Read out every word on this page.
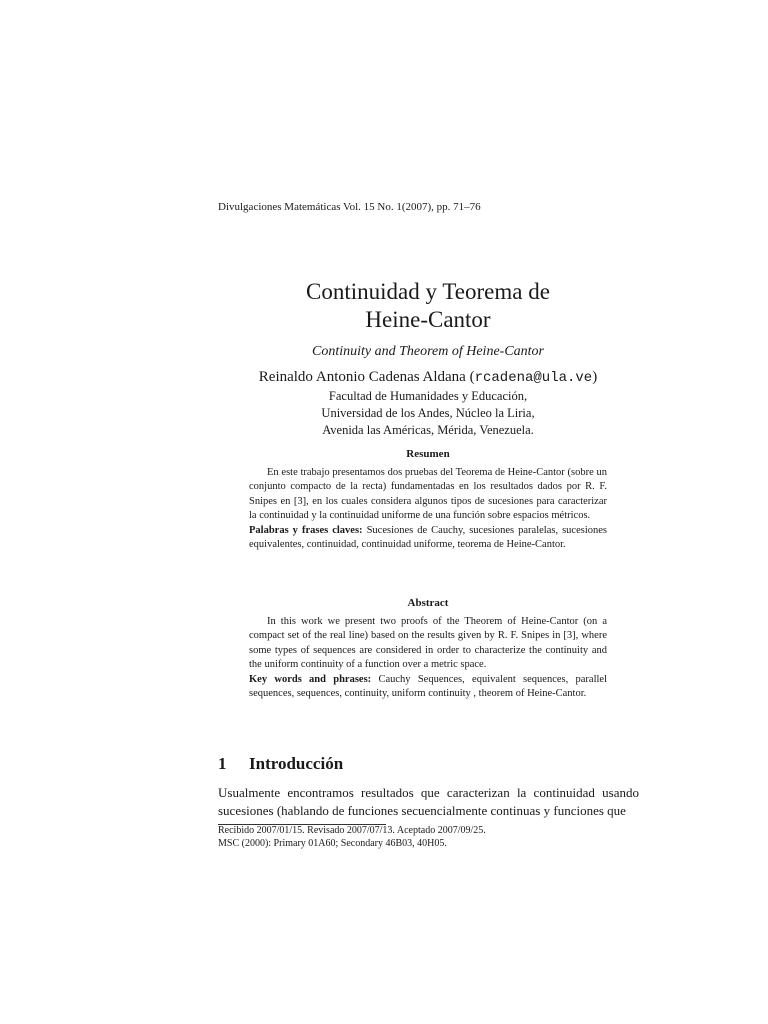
Divulgaciones Matemáticas Vol. 15 No. 1(2007), pp. 71–76
Continuidad y Teorema de
Heine-Cantor
Continuity and Theorem of Heine-Cantor
Reinaldo Antonio Cadenas Aldana (rcadena@ula.ve)
Facultad de Humanidades y Educación,
Universidad de los Andes, Núcleo la Liria,
Avenida las Américas, Mérida, Venezuela.
Resumen

En este trabajo presentamos dos pruebas del Teorema de Heine-Cantor (sobre un conjunto compacto de la recta) fundamentadas en los resultados dados por R. F. Snipes en [3], en los cuales considera algunos tipos de sucesiones para caracterizar la continuidad y la continuidad uniforme de una función sobre espacios métricos.

Palabras y frases claves: Sucesiones de Cauchy, sucesiones paralelas, sucesiones equivalentes, continuidad, continuidad uniforme, teorema de Heine-Cantor.
Abstract

In this work we present two proofs of the Theorem of Heine-Cantor (on a compact set of the real line) based on the results given by R. F. Snipes in [3], where some types of sequences are considered in order to characterize the continuity and the uniform continuity of a function over a metric space.

Key words and phrases: Cauchy Sequences, equivalent sequences, parallel sequences, sequences, continuity, uniform continuity , theorem of Heine-Cantor.
1 Introducción

Usualmente encontramos resultados que caracterizan la continuidad usando sucesiones (hablando de funciones secuencialmente continuas y funciones que

Recibido 2007/01/15. Revisado 2007/07/13. Aceptado 2007/09/25.
MSC (2000): Primary 01A60; Secondary 46B03, 40H05.
